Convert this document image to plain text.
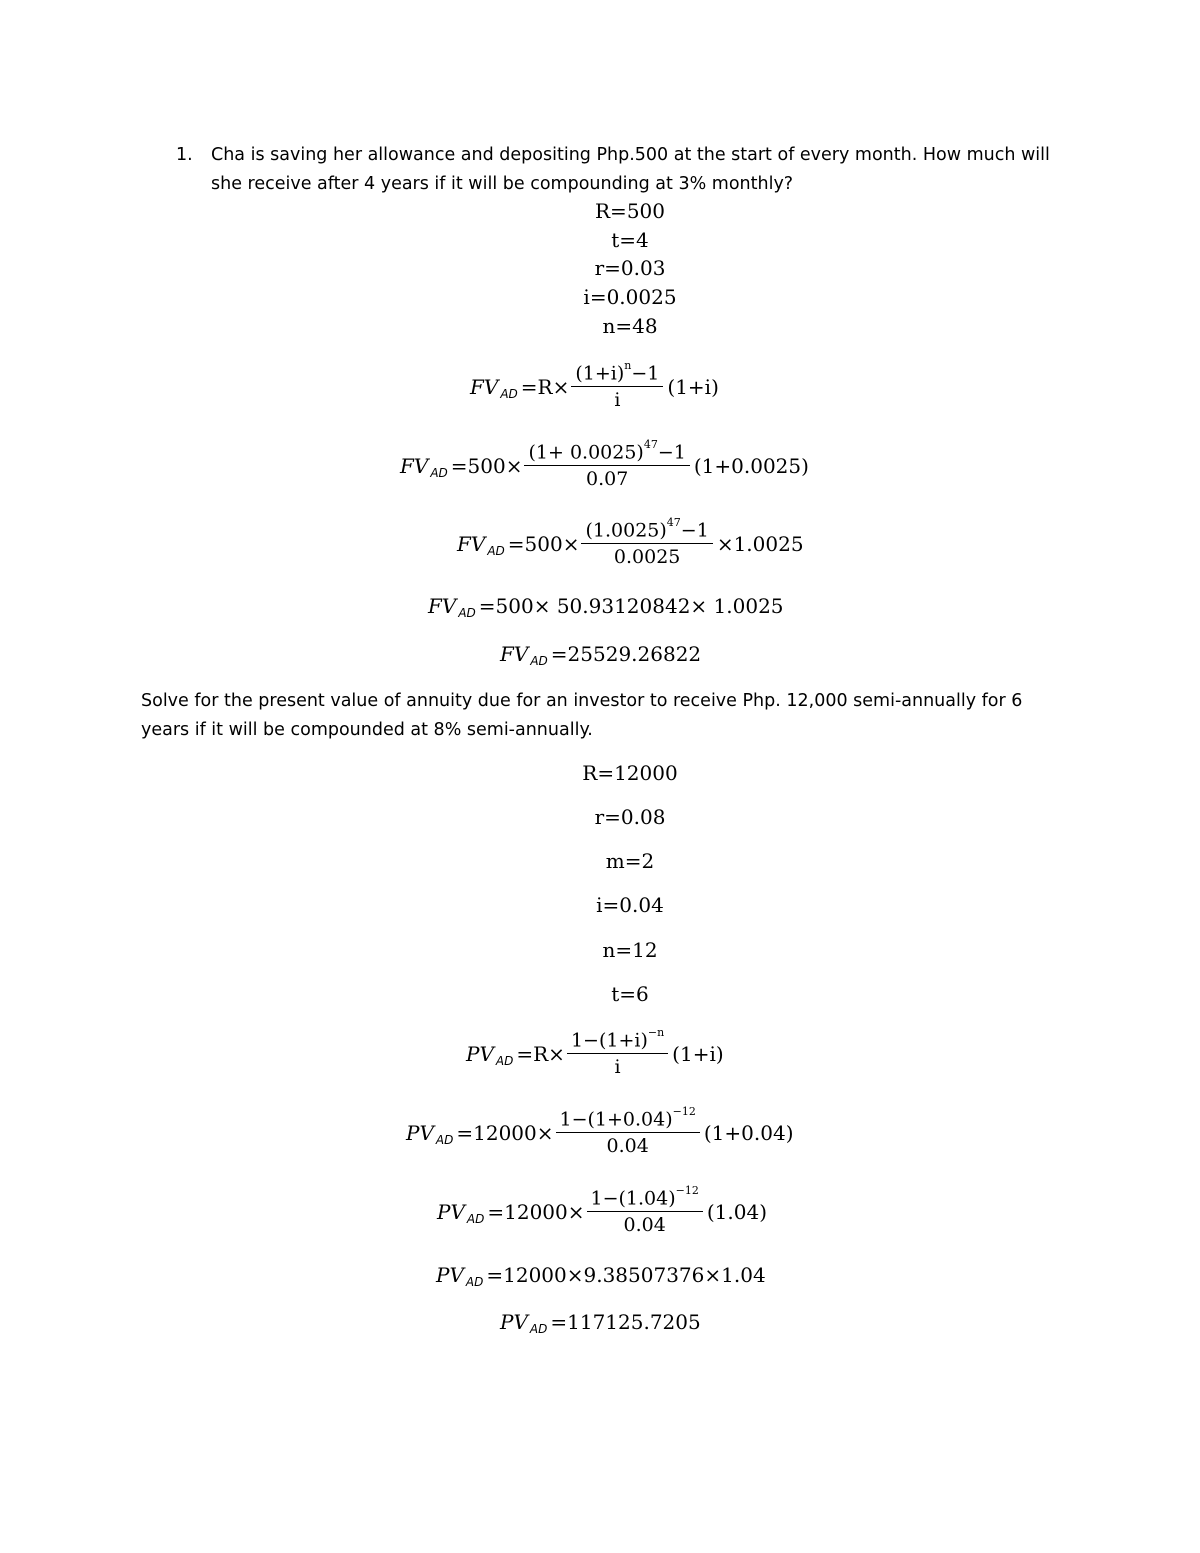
1. Cha is saving her allowance and depositing Php.500 at the start of every month. How much will she receive after 4 years if it will be compounding at 3% monthly?
R=500
t=4
r=0.03
i=0.0025
n=48
FV AD $=R\times \frac{(1+i)^n-1}{i} (1+i)$
FV AD $=500\times \frac{(1+ 0.0025)^{47}-1}{0.07} (1+0.0025)$
FV AD $=500\times \frac{(1.0025)^{47}-1}{0.0025} \times 1.0025$
FV AD =500× 50.93120842× 1.0025
FV AD =25529.26822
Solve for the present value of annuity due for an investor to receive Php. 12,000 semi-annually for 6 years if it will be compounded at 8% semi-annually.
R=12000
r=0.08
m=2
i=0.04
n=12
t=6
PV AD $=R\times \frac{1-(1+i)^{-n}}{i} (1+i)$
PV AD $=12000\times \frac{1-(1+0.04)^{-12}}{0.04} (1+0.04)$
PV AD $=12000\times \frac{1-(1.04)^{-12}}{0.04} (1.04)$
PV AD =12000×9.38507376×1.04
PV AD =117125.7205
